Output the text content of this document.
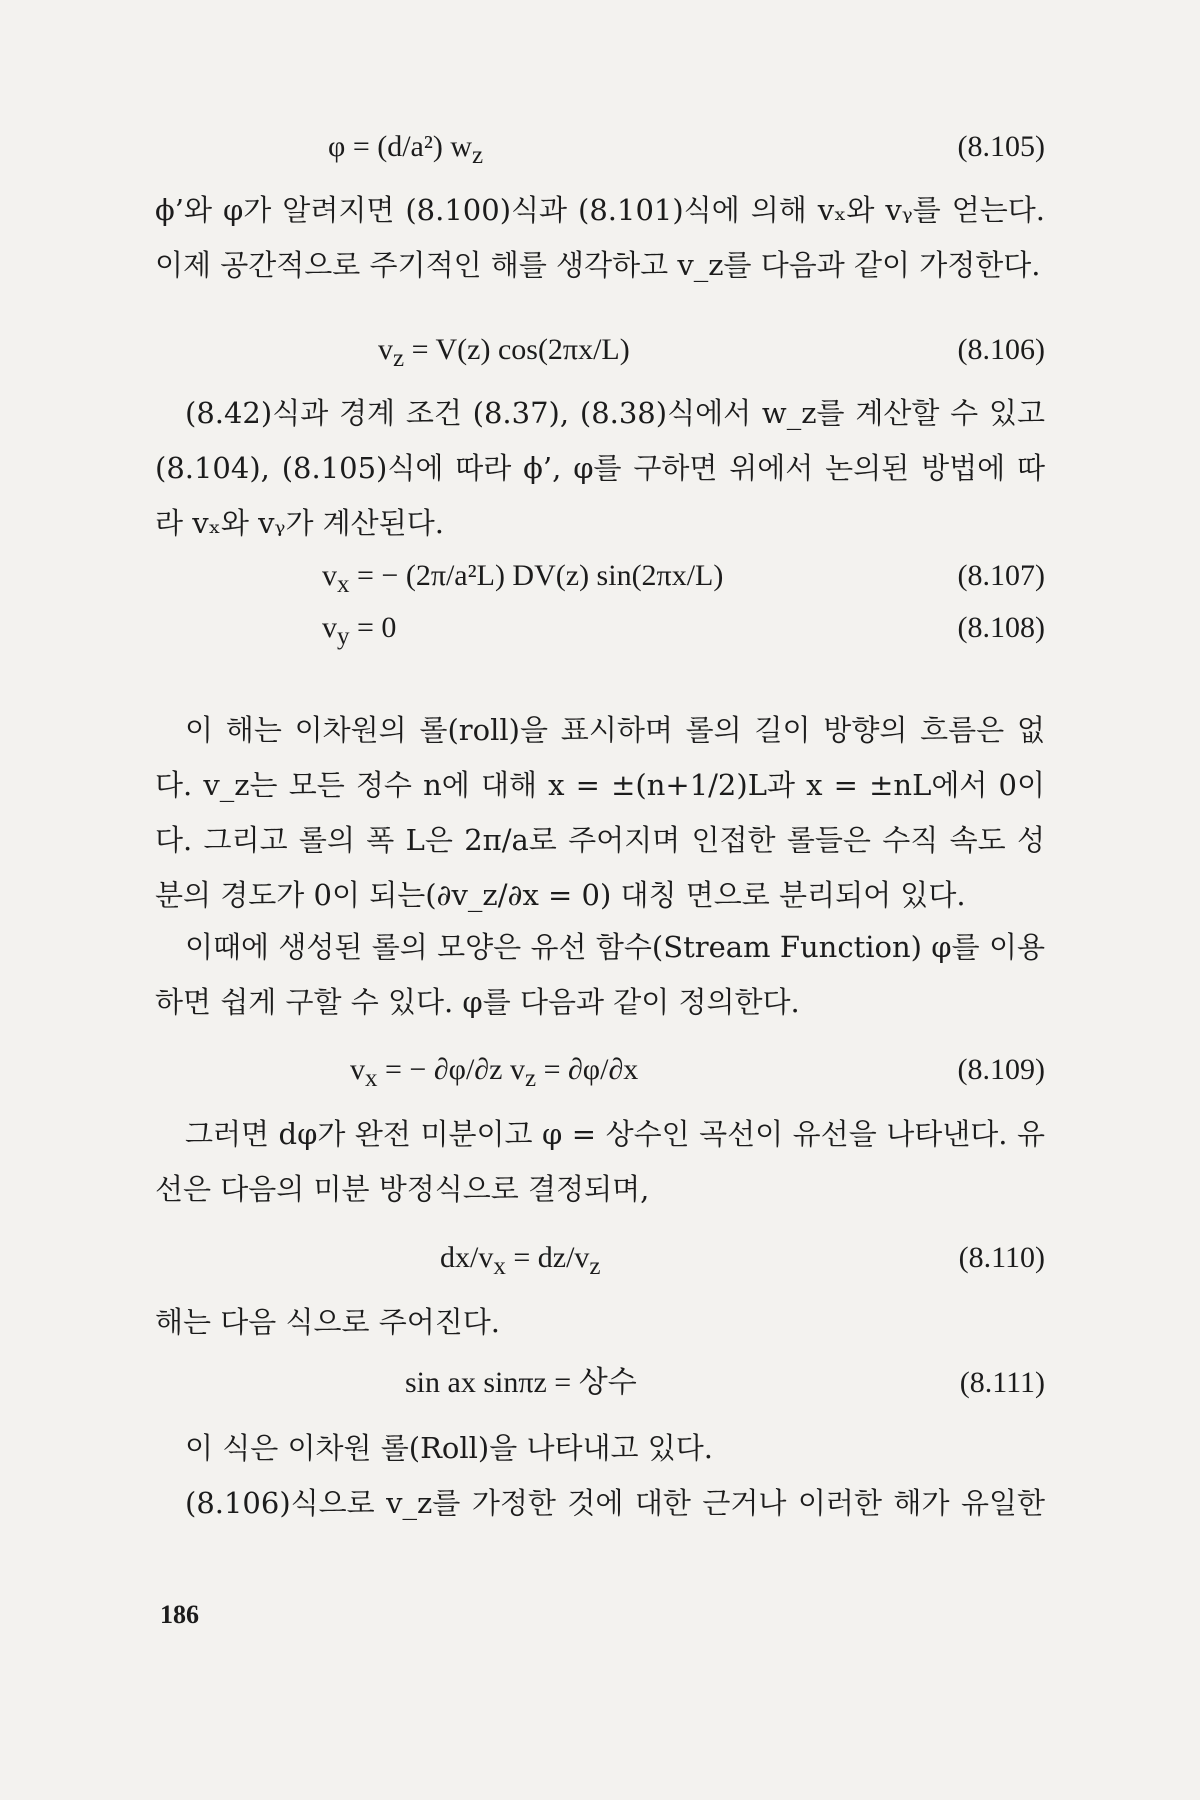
φ = (d/a²) $w_z$	(8.105)
ϕ’와 φ가 알려지면 (8.100)식과 (8.101)식에 의해 vₓ와 vᵧ를 얻는다. 이제 공간적으로 주기적인 해를 생각하고 v_z를 다음과 같이 가정한다.
$v_z = V(z)$ cos(2πx/L)	(8.106)
(8.42)식과 경계 조건 (8.37), (8.38)식에서 w_z를 계산할 수 있고 (8.104), (8.105)식에 따라 ϕ’, φ를 구하면 위에서 논의된 방법에 따라 vₓ와 vᵧ가 계산된다.
$v_x$ = − (2π/a²L) DV(z) sin(2πx/L)	(8.107)
$v_y = 0$	(8.108)
이 해는 이차원의 롤(roll)을 표시하며 롤의 길이 방향의 흐름은 없다. v_z는 모든 정수 n에 대해 x = ±(n+1/2)L과 x = ±nL에서 0이다. 그리고 롤의 폭 L은 2π/a로 주어지며 인접한 롤들은 수직 속도 성분의 경도가 0이 되는(∂v_z/∂x = 0) 대칭 면으로 분리되어 있다.
이때에 생성된 롤의 모양은 유선 함수(Stream Function) φ를 이용하면 쉽게 구할 수 있다. φ를 다음과 같이 정의한다.
$v_x$ = − ∂φ/∂z $v_z = \partial\varphi/\partial x$	(8.109)
그러면 dφ가 완전 미분이고 φ = 상수인 곡선이 유선을 나타낸다. 유선은 다음의 미분 방정식으로 결정되며,
$dx/v_x = dz/v_z$	(8.110)
해는 다음 식으로 주어진다.
sin ax sinπz = 상수	(8.111)
이 식은 이차원 롤(Roll)을 나타내고 있다.
(8.106)식으로 v_z를 가정한 것에 대한 근거나 이러한 해가 유일한
186
